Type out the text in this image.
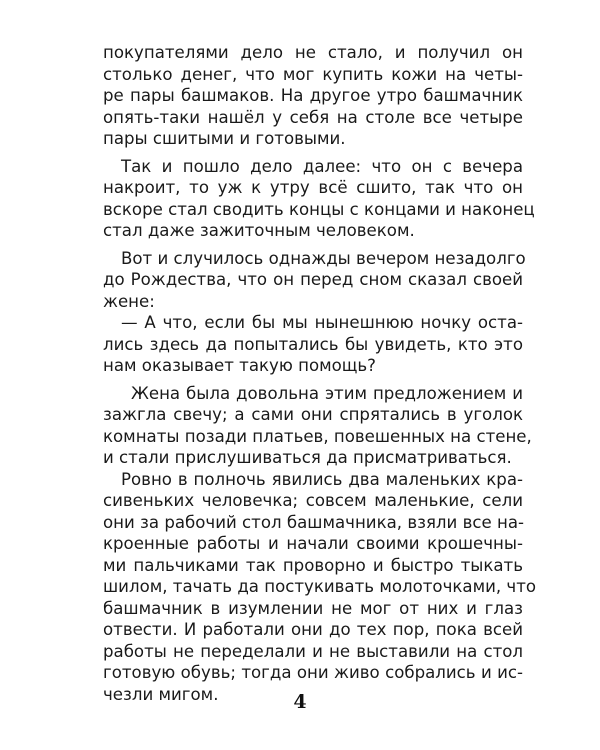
покупателями дело не стало, и получил он
столько денег, что мог купить кожи на четы-
ре пары башмаков. На другое утро башмачник
опять-таки нашёл у себя на столе все четыре
пары сшитыми и готовыми.
Так и пошло дело далее: что он с вечера
накроит, то уж к утру всё сшито, так что он
вскоре стал сводить концы с концами и наконец
стал даже зажиточным человеком.
Вот и случилось однажды вечером незадолго
до Рождества, что он перед сном сказал своей
жене:
— А что, если бы мы нынешнюю ночку оста-
лись здесь да попытались бы увидеть, кто это
нам оказывает такую помощь?
Жена была довольна этим предложением и
зажгла свечу; а сами они спрятались в уголок
комнаты позади платьев, повешенных на стене,
и стали прислушиваться да присматриваться.
Ровно в полночь явились два маленьких кра-
сивеньких человечка; совсем маленькие, сели
они за рабочий стол башмачника, взяли все на-
кроенные работы и начали своими крошечны-
ми пальчиками так проворно и быстро тыкать
шилом, тачать да постукивать молоточками, что
башмачник в изумлении не мог от них и глаз
отвести. И работали они до тех пор, пока всей
работы не переделали и не выставили на стол
готовую обувь; тогда они живо собрались и ис-
чезли мигом.	4
